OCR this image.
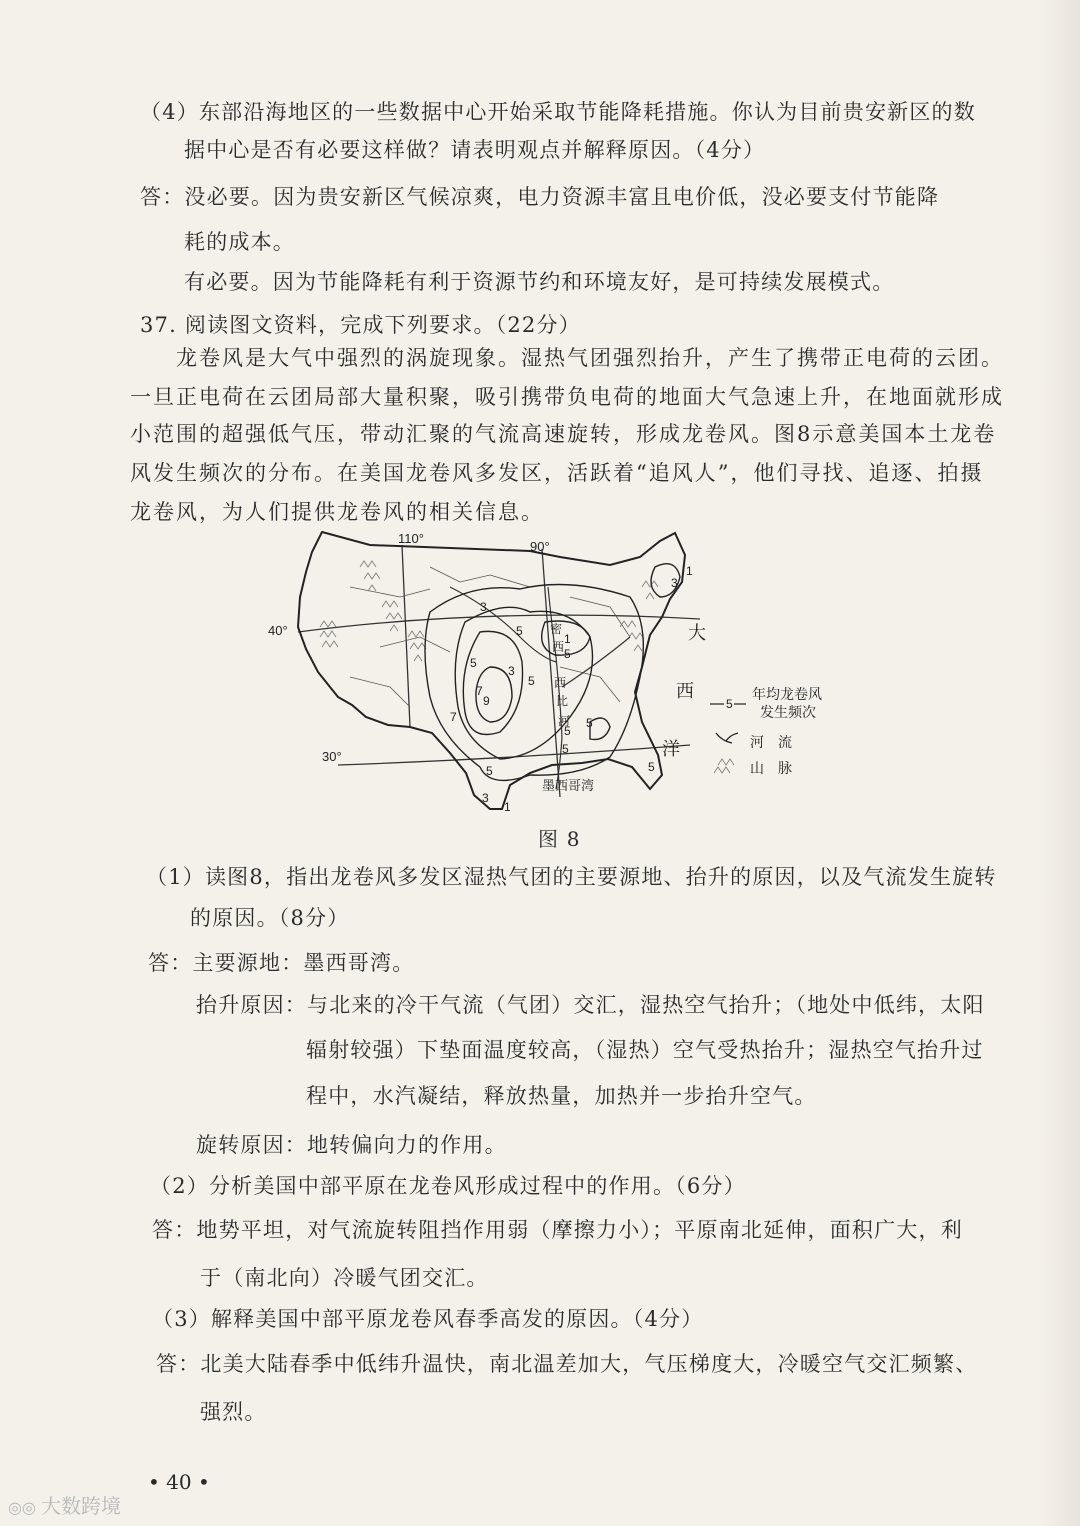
（4）东部沿海地区的一些数据中心开始采取节能降耗措施。你认为目前贵安新区的数
据中心是否有必要这样做？请表明观点并解释原因。（4分）
答：没必要。因为贵安新区气候凉爽，电力资源丰富且电价低，没必要支付节能降
耗的成本。
有必要。因为节能降耗有利于资源节约和环境友好，是可持续发展模式。
37. 阅读图文资料，完成下列要求。（22分）
龙卷风是大气中强烈的涡旋现象。湿热气团强烈抬升，产生了携带正电荷的云团。
一旦正电荷在云团局部大量积聚，吸引携带负电荷的地面大气急速上升，在地面就形成
小范围的超强低气压，带动汇聚的气流高速旋转，形成龙卷风。图8示意美国本土龙卷
风发生频次的分布。在美国龙卷风多发区，活跃着“追风人”，他们寻找、追逐、拍摄
龙卷风，为人们提供龙卷风的相关信息。
1
3
5
3
5
5
5
7
9
7
5
5
5
5	5
3
1
3
1
110°
90°
40°
30°
大
西
洋
墨西哥湾
密
西
西
比
河
5
年均龙卷风
发生频次
河　流
山　脉
图 8
（1）读图8，指出龙卷风多发区湿热气团的主要源地、抬升的原因，以及气流发生旋转
的原因。（8分）
答：主要源地：墨西哥湾。
抬升原因：与北来的冷干气流（气团）交汇，湿热空气抬升；（地处中低纬，太阳
辐射较强）下垫面温度较高，（湿热）空气受热抬升；湿热空气抬升过
程中，水汽凝结，释放热量，加热并一步抬升空气。
旋转原因：地转偏向力的作用。
（2）分析美国中部平原在龙卷风形成过程中的作用。（6分）
答：地势平坦，对气流旋转阻挡作用弱（摩擦力小）；平原南北延伸，面积广大，利
于（南北向）冷暖气团交汇。
（3）解释美国中部平原龙卷风春季高发的原因。（4分）
答：北美大陆春季中低纬升温快，南北温差加大，气压梯度大，冷暖空气交汇频繁、
强烈。
• 40 •
◎◎ 大数跨境
